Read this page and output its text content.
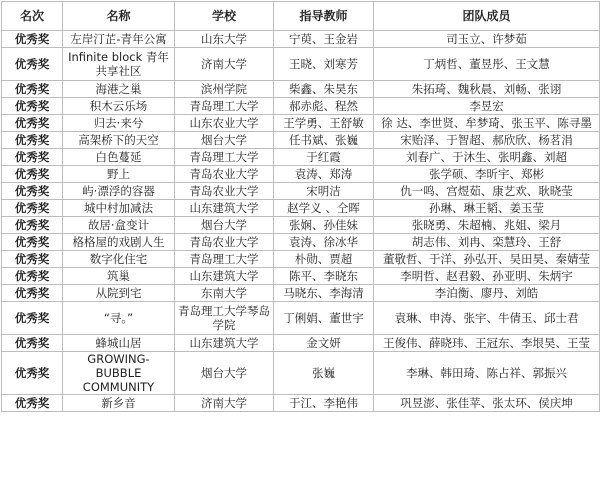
名次	名称	学校	指导教师	团队成员
优秀奖	左岸汀芷-青年公寓	山东大学	宁萸、王金岩	司玉立、许梦茹
优秀奖	Infinite block 青年共享社区	济南大学	王晓、刘寒芳	丁炳哲、董昱彤、王文慧
优秀奖	海港之巢	滨州学院	柴鑫、朱昊东	朱拓琦、魏秋晨、刘畅、张诩
优秀奖	积木云乐场	青岛理工大学	郝赤彪、程然	李昱宏
优秀奖	归去·来兮	山东农业大学	王学勇、王舒敏	徐 达、李世贤、牟梦琦、张玉平、陈寻墨
优秀奖	高架桥下的天空	烟台大学	任书斌、张巍	宋贻泽、于智超、郝欣欣、杨茗涓
优秀奖	白色蔓延	青岛理工大学	于红霞	刘春广、于沐生、张明鑫、刘超
优秀奖	野上	青岛农业大学	袁涛、郑涛	张学硕、李昕宇、郑彬
优秀奖	屿·漂浮的容器	青岛农业大学	宋明洁	仇一鸣、宫煜茹、康艺欢、耿晓莹
优秀奖	城中村加减法	山东建筑大学	赵学义 、仝晖	孙琳、琳王韬、姜玉莹
优秀奖	故居·盒变计	烟台大学	张娴、孙佳妹	张晓勇、朱超楠、兆姐、梁月
优秀奖	格格屋的戏剧人生	青岛农业大学	袁涛、徐冰华	胡志伟、刘冉、栾慧玲、王舒
优秀奖	数字化住宅	青岛理工大学	朴勋、贾超	董敬哲、于洋、孙弘开、吴田昊、秦婧莹
优秀奖	筑巢	山东建筑大学	陈平、李晓东	李明哲、赵君毅、孙亚明、朱炳宇
优秀奖	从院到宅	东南大学	马晓东、李海清	李泊衡、廖丹、刘皓
优秀奖	“寻。”	青岛理工大学琴岛学院	丁俐娟、董世宇	袁琳、申涛、张宇、牛倩玉、邱士君
优秀奖	蜂城山居	山东建筑大学	金文妍	王俊伟、薛晓玮、王冠东、李垠昊、王莹
优秀奖	GROWING-BUBBLE COMMUNITY	烟台大学	张巍	李琳、韩田琦、陈占祥、郭振兴
优秀奖	新乡音	济南大学	于江、李艳伟	巩昱澎、张佳苹、张太环、侯庆坤
